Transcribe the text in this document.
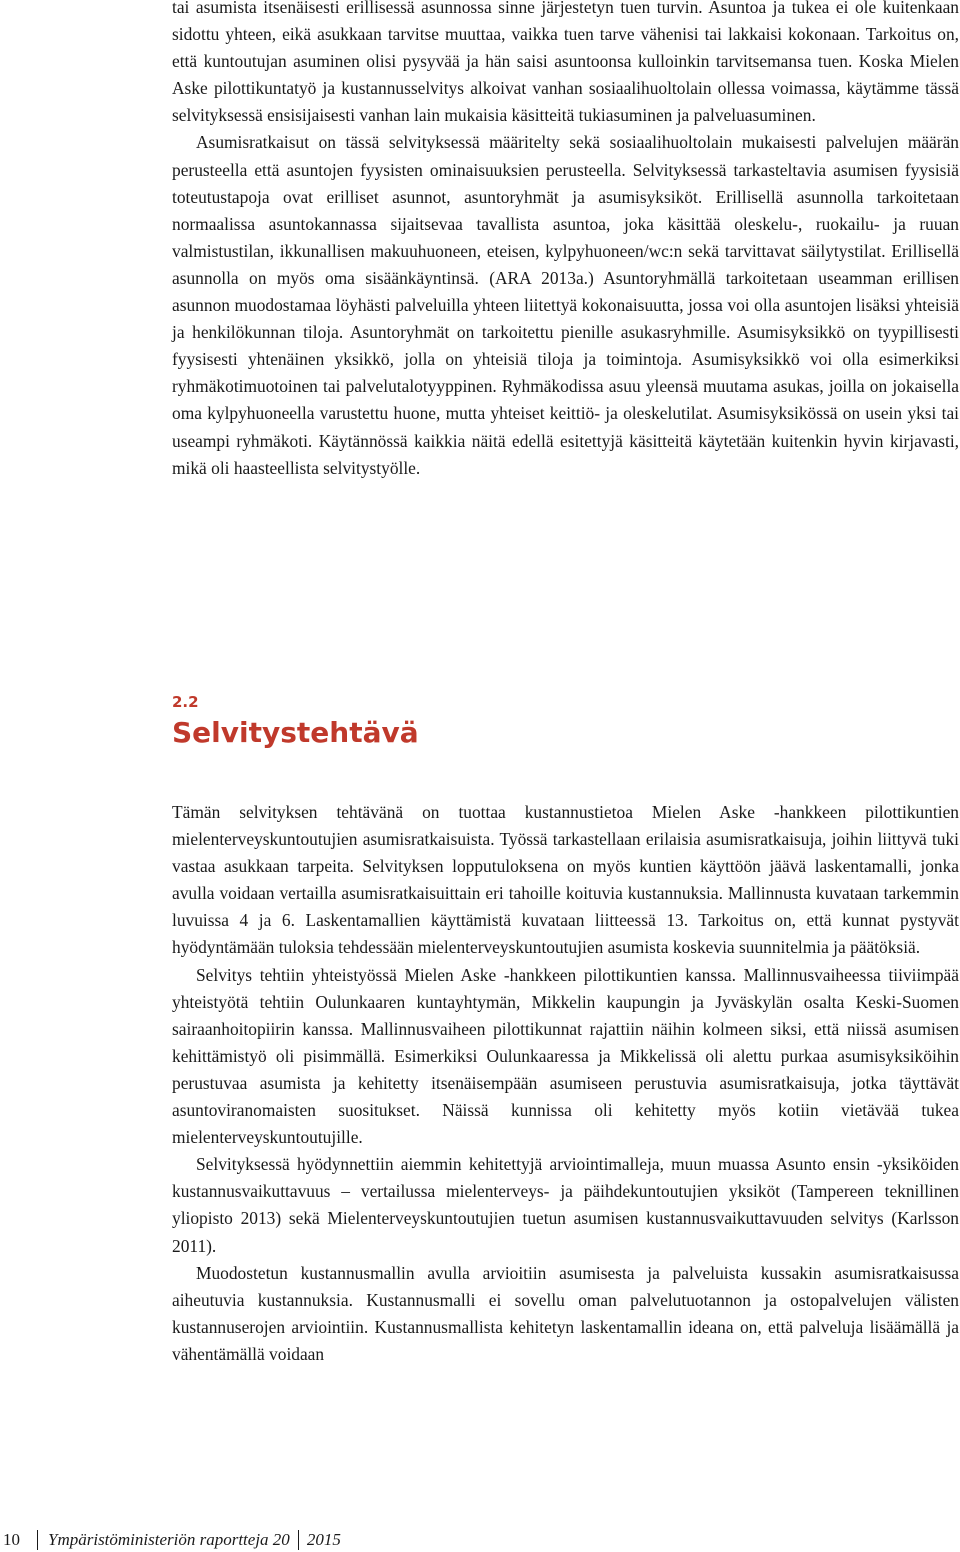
tai asumista itsenäisesti erillisessä asunnossa sinne järjestetyn tuen turvin. Asuntoa ja tukea ei ole kuitenkaan sidottu yhteen, eikä asukkaan tarvitse muuttaa, vaikka tuen tarve vähenisi tai lakkaisi kokonaan. Tarkoitus on, että kuntoutujan asuminen olisi pysyvää ja hän saisi asuntoonsa kulloinkin tarvitsemansa tuen. Koska Mielen Aske pilottikuntatyö ja kustannusselvitys alkoivat vanhan sosiaalihuoltolain ollessa voimassa, käytämme tässä selvityksessä ensisijaisesti vanhan lain mukaisia käsitteitä tukiasuminen ja palveluasuminen.

Asumisratkaisut on tässä selvityksessä määritelty sekä sosiaalihuoltolain mukaisesti palvelujen määrän perusteella että asuntojen fyysisten ominaisuuksien perusteella. Selvityksessä tarkasteltavia asumisen fyysisiä toteutustapoja ovat erilliset asunnot, asuntoryhmät ja asumisyksiköt. Erillisellä asunnolla tarkoitetaan normaalissa asuntokannassa sijaitsevaa tavallista asuntoa, joka käsittää oleskelu-, ruokailu- ja ruuan valmistustilan, ikkunallisen makuuhuoneen, eteisen, kylpyhuoneen/wc:n sekä tarvittavat säilytystilat. Erillisellä asunnolla on myös oma sisäänkäyntinsä. (ARA 2013a.) Asuntoryhmällä tarkoitetaan useamman erillisen asunnon muodostamaa löyhästi palveluilla yhteen liitettyä kokonaisuutta, jossa voi olla asuntojen lisäksi yhteisiä ja henkilökunnan tiloja. Asuntoryhmät on tarkoitettu pienille asukasryhmille. Asumisyksikkö on tyypillisesti fyysisesti yhtenäinen yksikkö, jolla on yhteisiä tiloja ja toimintoja. Asumisyksikkö voi olla esimerkiksi ryhmäkotimuotoinen tai palvelutalotyyppinen. Ryhmäkodissa asuu yleensä muutama asukas, joilla on jokaisella oma kylpyhuoneella varustettu huone, mutta yhteiset keittiö- ja oleskelutilat. Asumisyksikössä on usein yksi tai useampi ryhmäkoti. Käytännössä kaikkia näitä edellä esitettyjä käsitteitä käytetään kuitenkin hyvin kirjavasti, mikä oli haasteellista selvitystyölle.

2.2
Selvitystehtävä

Tämän selvityksen tehtävänä on tuottaa kustannustietoa Mielen Aske -hankkeen pilottikuntien mielenterveyskuntoutujien asumisratkaisuista. Työssä tarkastellaan erilaisia asumisratkaisuja, joihin liittyvä tuki vastaa asukkaan tarpeita. Selvityksen lopputuloksena on myös kuntien käyttöön jäävä laskentamalli, jonka avulla voidaan vertailla asumisratkaisuittain eri tahoille koituvia kustannuksia. Mallinnusta kuvataan tarkemmin luvuissa 4 ja 6. Laskentamallien käyttämistä kuvataan liitteessä 13. Tarkoitus on, että kunnat pystyvät hyödyntämään tuloksia tehdessään mielenterveyskuntoutujien asumista koskevia suunnitelmia ja päätöksiä.

Selvitys tehtiin yhteistyössä Mielen Aske -hankkeen pilottikuntien kanssa. Mallinnusvaiheessa tiiviimpää yhteistyötä tehtiin Oulunkaaren kuntayhtymän, Mikkelin kaupungin ja Jyväskylän osalta Keski-Suomen sairaanhoitopiirin kanssa. Mallinnusvaiheen pilottikunnat rajattiin näihin kolmeen siksi, että niissä asumisen kehittämistyö oli pisimmällä. Esimerkiksi Oulunkaaressa ja Mikkelissä oli alettu purkaa asumisyksiköihin perustuvaa asumista ja kehitetty itsenäisempään asumiseen perustuvia asumisratkaisuja, jotka täyttävät asuntoviranomaisten suositukset. Näissä kunnissa oli kehitetty myös kotiin vietävää tukea mielenterveyskuntoutujille.

Selvityksessä hyödynnettiin aiemmin kehitettyjä arviointimalleja, muun muassa Asunto ensin -yksiköiden kustannusvaikuttavuus – vertailussa mielenterveys- ja päihdekuntoutujien yksiköt (Tampereen teknillinen yliopisto 2013) sekä Mielenterveyskuntoutujien tuetun asumisen kustannusvaikuttavuuden selvitys (Karlsson 2011).

Muodostetun kustannusmallin avulla arvioitiin asumisesta ja palveluista kussakin asumisratkaisussa aiheutuvia kustannuksia. Kustannusmalli ei sovellu oman palvelutuotannon ja ostopalvelujen välisten kustannuserojen arviointiin. Kustannusmallista kehitetyn laskentamallin ideana on, että palveluja lisäämällä ja vähentämällä voidaan

10 Ympäristöministeriön raportteja 20 2015
